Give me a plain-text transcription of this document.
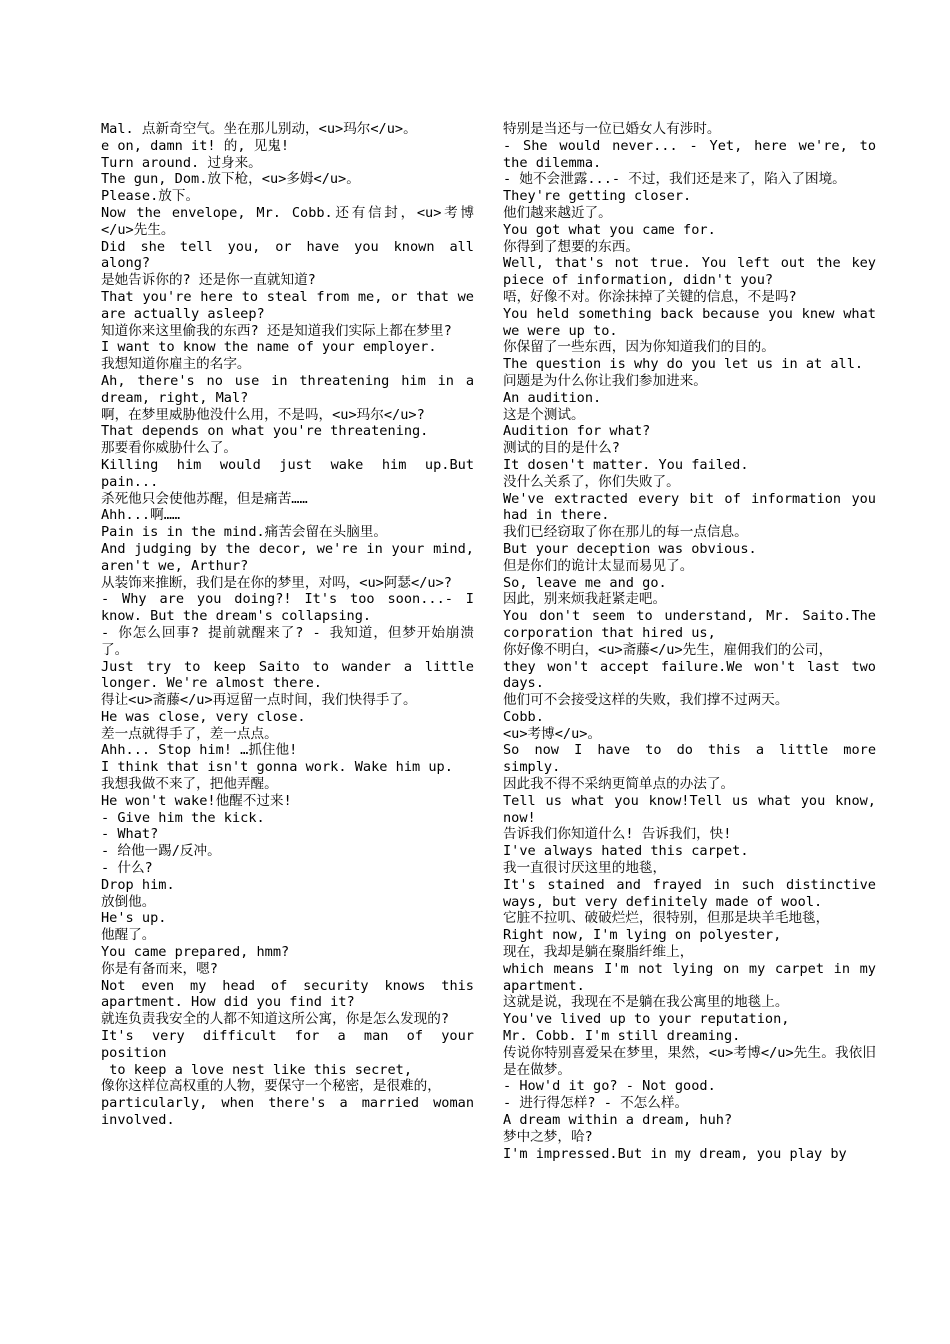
Mal. 点新奇空气。坐在那儿别动，<u>玛尔</u>。
e on, damn it! 的, 见鬼!
Turn around. 过身来。
The gun, Dom.放下枪，<u>多姆</u>。
Please.放下。
Now the envelope, Mr. Cobb.还有信封，<u>考博</u>先生。
Did she tell you, or have you known all along?
是她告诉你的? 还是你一直就知道?
That you're here to steal from me, or that we are actually asleep?
知道你来这里偷我的东西? 还是知道我们实际上都在梦里?
I want to know the name of your employer.
我想知道你雇主的名字。
Ah, there's no use in threatening him in a dream, right, Mal?
啊，在梦里威胁他没什么用，不是吗，<u>玛尔</u>?
That depends on what you're threatening.
那要看你威胁什么了。
Killing him would just wake him up.But pain...
杀死他只会使他苏醒，但是痛苦……
Ahh...啊……
Pain is in the mind.痛苦会留在头脑里。
And judging by the decor, we're in your mind, aren't we, Arthur?
从装饰来推断，我们是在你的梦里，对吗，<u>阿瑟</u>?
- Why are you doing?! It's too soon...- I know. But the dream's collapsing.
- 你怎么回事? 提前就醒来了? - 我知道，但梦开始崩溃了。
Just try to keep Saito to wander a little longer. We're almost there.
得让<u>斋藤</u>再逗留一点时间，我们快得手了。
He was close, very close.
差一点就得手了，差一点点。
Ahh... Stop him! …抓住他!
I think that isn't gonna work. Wake him up.
我想我做不来了，把他弄醒。
He won't wake!他醒不过来!
- Give him the kick.
- What?
- 给他一踢/反冲。
- 什么?
Drop him.
放倒他。
He's up.
他醒了。
You came prepared, hmm?
你是有备而来，嗯?
Not even my head of security knows this apartment. How did you find it?
就连负责我安全的人都不知道这所公寓，你是怎么发现的?
It's very difficult for a man of your position
to keep a love nest like this secret,
像你这样位高权重的人物，要保守一个秘密，是很难的，
particularly, when there's a married woman involved.
特别是当还与一位已婚女人有涉时。
- She would never... - Yet, here we're, to the dilemma.
- 她不会泄露...- 不过，我们还是来了，陷入了困境。
They're getting closer.
他们越来越近了。
You got what you came for.
你得到了想要的东西。
Well, that's not true. You left out the key piece of information, didn't you?
唔，好像不对。你涂抹掉了关键的信息，不是吗?
You held something back because you knew what we were up to.
你保留了一些东西，因为你知道我们的目的。
The question is why do you let us in at all.
问题是为什么你让我们参加进来。
An audition.
这是个测试。
Audition for what?
测试的目的是什么?
It dosen't matter. You failed.
没什么关系了，你们失败了。
We've extracted every bit of information you had in there.
我们已经窃取了你在那儿的每一点信息。
But your deception was obvious.
但是你们的诡计太显而易见了。
So, leave me and go.
因此，别来烦我赶紧走吧。
You don't seem to understand, Mr. Saito.The corporation that hired us,
你好像不明白，<u>斋藤</u>先生，雇佣我们的公司，
they won't accept failure.We won't last two days.
他们可不会接受这样的失败，我们撑不过两天。
Cobb.
<u>考博</u>。
So now I have to do this a little more simply.
因此我不得不采纳更简单点的办法了。
Tell us what you know!Tell us what you know, now!
告诉我们你知道什么! 告诉我们，快!
I've always hated this carpet.
我一直很讨厌这里的地毯，
It's stained and frayed in such distinctive ways, but very definitely made of wool.
它脏不拉叽、破破烂烂，很特别，但那是块羊毛地毯，
Right now, I'm lying on polyester,
现在，我却是躺在聚脂纤维上，
which means I'm not lying on my carpet in my apartment.
这就是说，我现在不是躺在我公寓里的地毯上。
You've lived up to your reputation,
Mr. Cobb. I'm still dreaming.
传说你特别喜爱呆在梦里，果然，<u>考博</u>先生。我依旧是在做梦。
- How'd it go? - Not good.
- 进行得怎样? - 不怎么样。
A dream within a dream, huh?
梦中之梦，哈?
I'm impressed.But in my dream, you play by
